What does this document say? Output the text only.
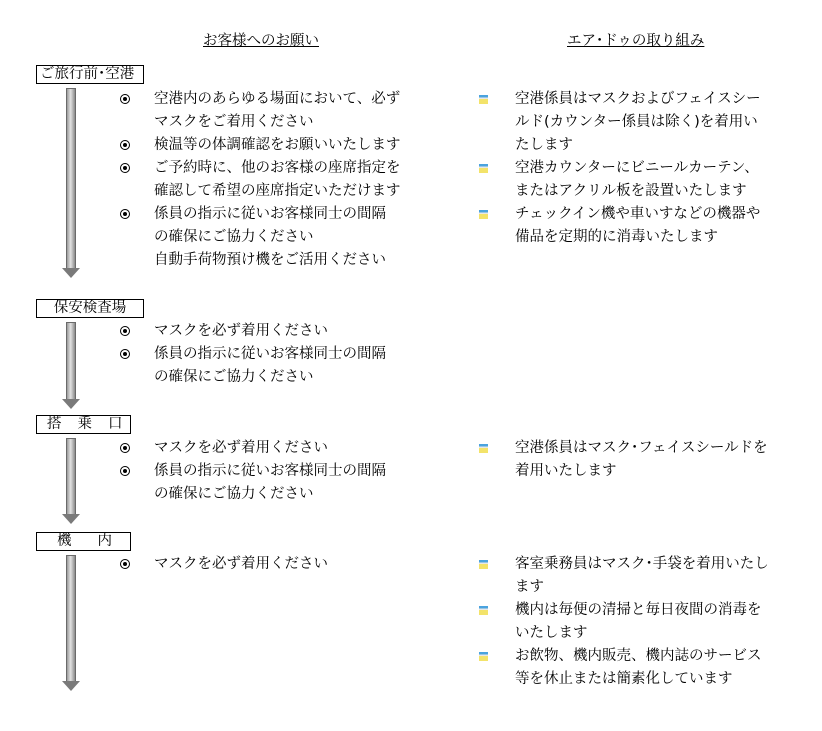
お客様へのお願い	エア･ドゥの取り組み
ご旅行前･空港
空港内のあらゆる場面において、必ず
マスクをご着用ください
検温等の体調確認をお願いいたします
ご予約時に、他のお客様の座席指定を
確認して希望の座席指定いただけます
係員の指示に従いお客様同士の間隔
の確保にご協力ください
自動手荷物預け機をご活用ください
空港係員はマスクおよびフェイスシー
ルド(カウンター係員は除く)を着用い
たします
空港カウンターにビニールカーテン、
またはアクリル板を設置いたします
チェックイン機や車いすなどの機器や
備品を定期的に消毒いたします
保安検査場
マスクを必ず着用ください
係員の指示に従いお客様同士の間隔
の確保にご協力ください
搭乗口
マスクを必ず着用ください
係員の指示に従いお客様同士の間隔
の確保にご協力ください
空港係員はマスク･フェイスシールドを
着用いたします
機内
マスクを必ず着用ください	客室乗務員はマスク･手袋を着用いたし
ます
機内は毎便の清掃と毎日夜間の消毒を
いたします
お飲物、機内販売、機内誌のサービス
等を休止または簡素化しています
